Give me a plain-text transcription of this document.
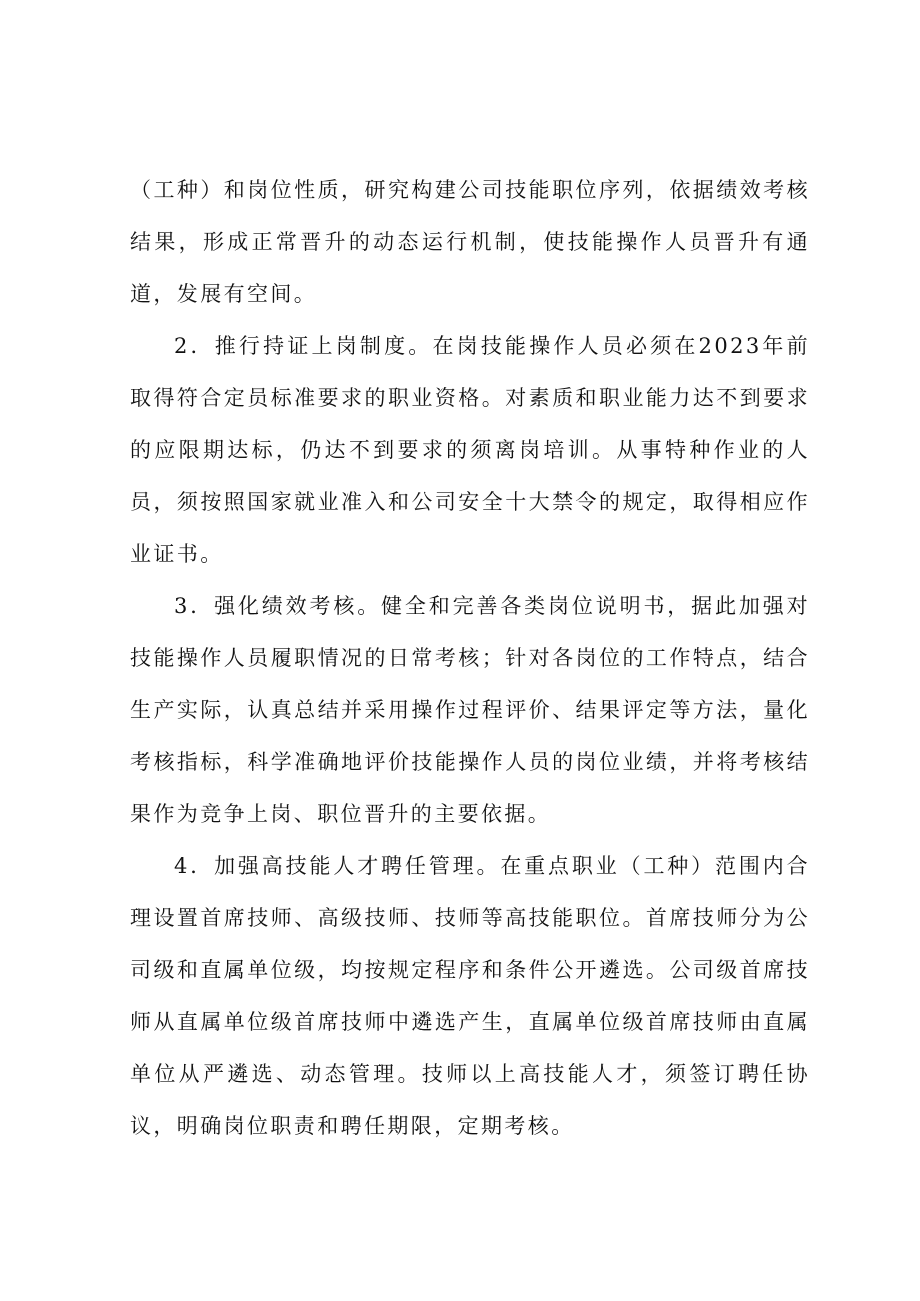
（工种）和岗位性质，研究构建公司技能职位序列，依据绩效考核结果，形成正常晋升的动态运行机制，使技能操作人员晋升有通道，发展有空间。

2．推行持证上岗制度。在岗技能操作人员必须在2023年前取得符合定员标准要求的职业资格。对素质和职业能力达不到要求的应限期达标，仍达不到要求的须离岗培训。从事特种作业的人员，须按照国家就业准入和公司安全十大禁令的规定，取得相应作业证书。

3．强化绩效考核。健全和完善各类岗位说明书，据此加强对技能操作人员履职情况的日常考核；针对各岗位的工作特点，结合生产实际，认真总结并采用操作过程评价、结果评定等方法，量化考核指标，科学准确地评价技能操作人员的岗位业绩，并将考核结果作为竞争上岗、职位晋升的主要依据。

4．加强高技能人才聘任管理。在重点职业（工种）范围内合理设置首席技师、高级技师、技师等高技能职位。首席技师分为公司级和直属单位级，均按规定程序和条件公开遴选。公司级首席技师从直属单位级首席技师中遴选产生，直属单位级首席技师由直属单位从严遴选、动态管理。技师以上高技能人才，须签订聘任协议，明确岗位职责和聘任期限，定期考核。
